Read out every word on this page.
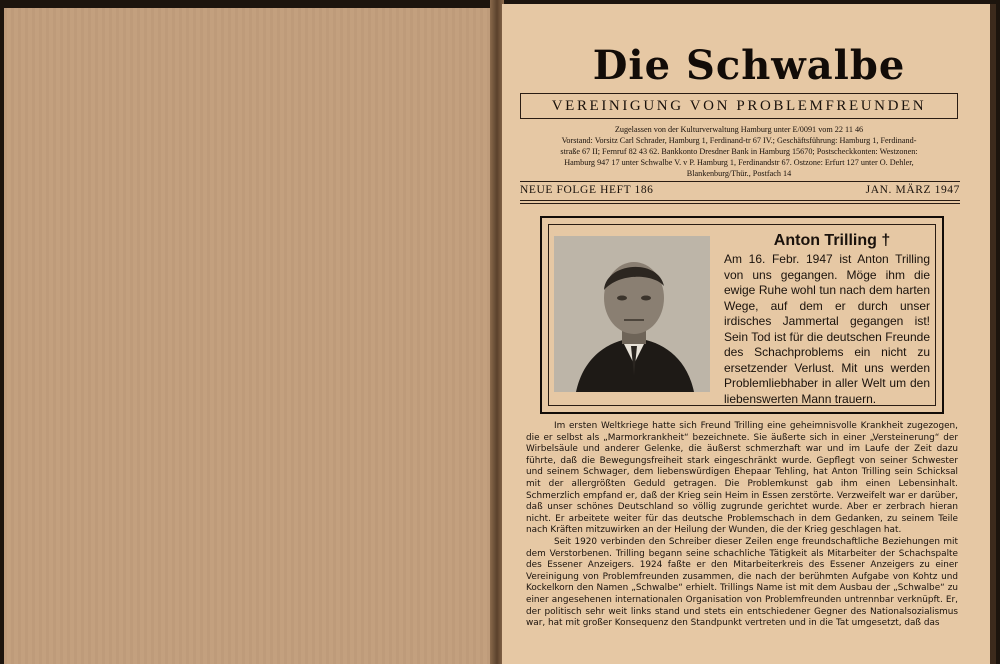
Die Schwalbe
VEREINIGUNG VON PROBLEMFREUNDEN
Zugelassen von der Kulturverwaltung Hamburg unter E/0091 vom 22 11 46
Vorstand: Vorsitz Carl Schrader, Hamburg 1, Ferdinand-tr 67 IV.; Geschäftsführung: Hamburg 1, Ferdinand-
straße 67 II; Fernruf 82 43 62. Bankkonto Dresdner Bank in Hamburg 15670; Postscheckkonten: Westzonen:
Hamburg 947 17 unter Schwalbe V. v P. Hamburg 1, Ferdinandstr 67. Ostzone: Erfurt 127 unter O. Dehler,
Blankenburg/Thür., Postfach 14
NEUE FOLGE HEFT 186	JAN. MÄRZ 1947
Anton Trilling †
Am 16. Febr. 1947 ist Anton Trilling von uns gegangen. Möge ihm die ewige Ruhe wohl tun nach dem harten Wege, auf dem er durch unser irdisches Jammertal gegangen ist! Sein Tod ist für die deutschen Freunde des Schachproblems ein nicht zu ersetzender Verlust. Mit uns werden Problemliebhaber in aller Welt um den liebenswerten Mann trauern.

Im ersten Weltkriege hatte sich Freund Trilling eine geheimnisvolle Krankheit zugezogen, die er selbst als „Marmorkrankheit“ bezeichnete. Sie äußerte sich in einer „Versteinerung“ der Wirbelsäule und anderer Gelenke, die äußerst schmerzhaft war und im Laufe der Zeit dazu führte, daß die Bewegungsfreiheit stark eingeschränkt wurde. Gepflegt von seiner Schwester und seinem Schwager, dem liebenswürdigen Ehepaar Tehling, hat Anton Trilling sein Schicksal mit der allergrößten Geduld getragen. Die Problemkunst gab ihm einen Lebensinhalt. Schmerzlich empfand er, daß der Krieg sein Heim in Essen zerstörte. Verzweifelt war er darüber, daß unser schönes Deutschland so völlig zugrunde gerichtet wurde. Aber er zerbrach hieran nicht. Er arbeitete weiter für das deutsche Problemschach in dem Gedanken, zu seinem Teile nach Kräften mitzuwirken an der Heilung der Wunden, die der Krieg geschlagen hat.

Seit 1920 verbinden den Schreiber dieser Zeilen enge freundschaftliche Beziehungen mit dem Verstorbenen. Trilling begann seine schachliche Tätigkeit als Mitarbeiter der Schachspalte des Essener Anzeigers. 1924 faßte er den Mitarbeiterkreis des Essener Anzeigers zu einer Vereinigung von Problemfreunden zusammen, die nach der berühmten Aufgabe von Kohtz und Kockelkorn den Namen „Schwalbe“ erhielt. Trillings Name ist mit dem Ausbau der „Schwalbe“ zu einer angesehenen internationalen Organisation von Problemfreunden untrennbar verknüpft. Er, der politisch sehr weit links stand und stets ein entschiedener Gegner des Nationalsozialismus war, hat mit großer Konsequenz den Standpunkt vertreten und in die Tat umgesetzt, daß das
